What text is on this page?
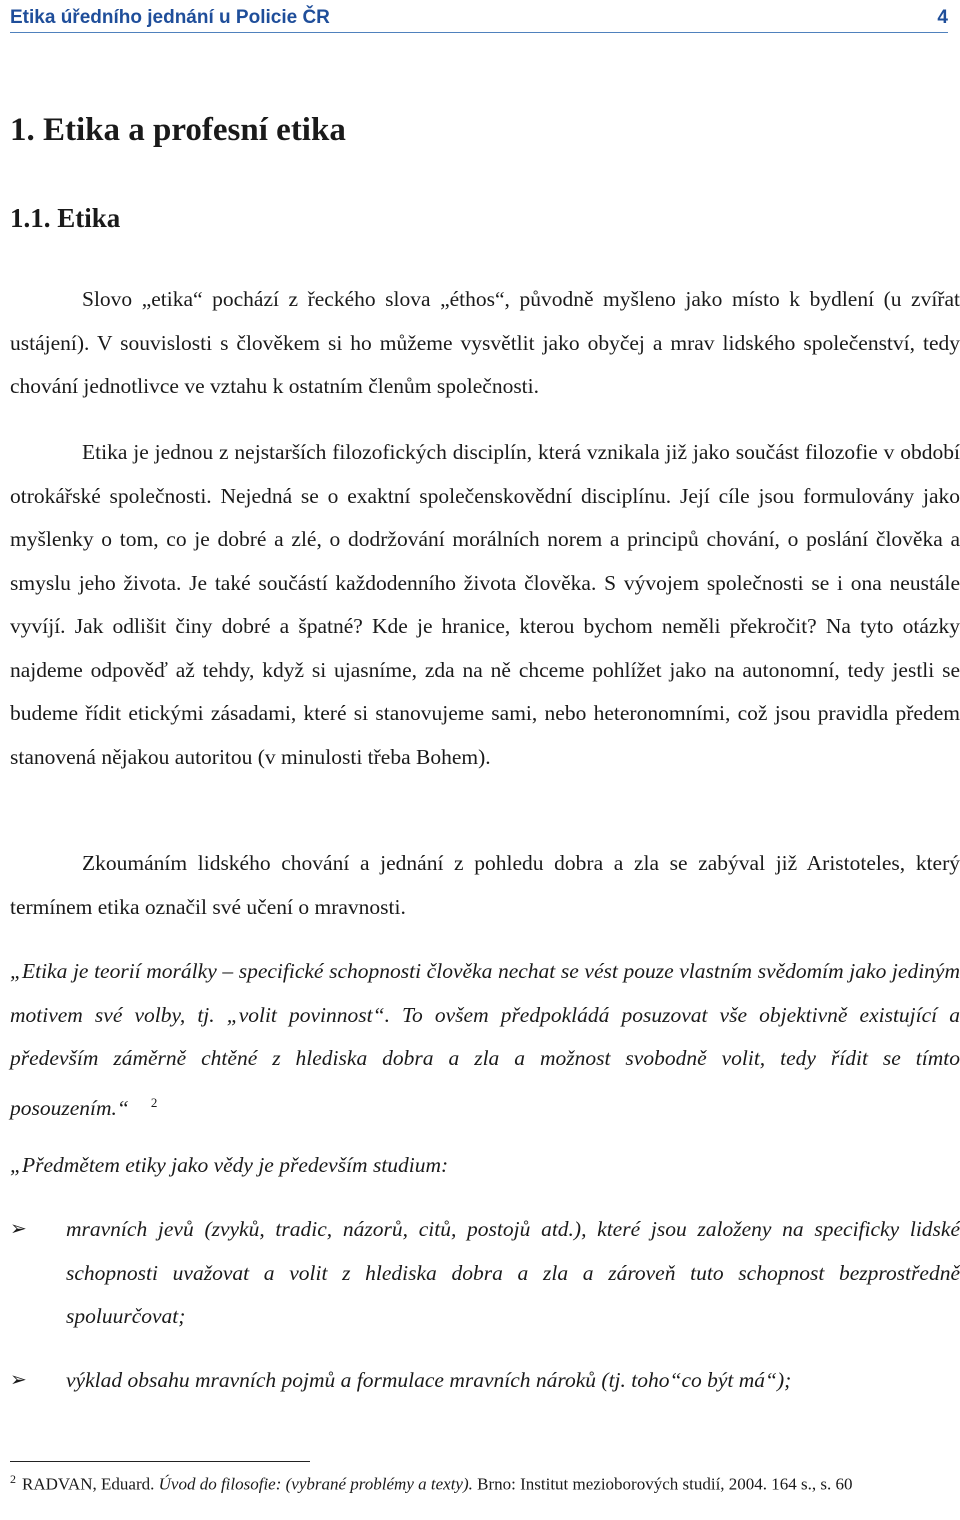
Etika úředního jednání u Policie ČR	4
1. Etika a profesní etika
1.1. Etika

Slovo „etika“ pochází z řeckého slova „éthos“, původně myšleno jako místo k bydlení (u zvířat ustájení). V souvislosti s člověkem si ho můžeme vysvětlit jako obyčej a mrav lidského společenství, tedy chování jednotlivce ve vztahu k ostatním členům společnosti.

Etika je jednou z nejstarších filozofických disciplín, která vznikala již jako součást filozofie v období otrokářské společnosti. Nejedná se o exaktní společenskovědní disciplínu. Její cíle jsou formulovány jako myšlenky o tom, co je dobré a zlé, o dodržování morálních norem a principů chování, o poslání člověka a smyslu jeho života. Je také součástí každodenního života člověka. S vývojem společnosti se i ona neustále vyvíjí. Jak odlišit činy dobré a špatné? Kde je hranice, kterou bychom neměli překročit? Na tyto otázky najdeme odpověď až tehdy, když si ujasníme, zda na ně chceme pohlížet jako na autonomní, tedy jestli se budeme řídit etickými zásadami, které si stanovujeme sami, nebo heteronomními, což jsou pravidla předem stanovená nějakou autoritou (v minulosti třeba Bohem).

Zkoumáním lidského chování a jednání z pohledu dobra a zla se zabýval již Aristoteles, který termínem etika označil své učení o mravnosti.

„Etika je teorií morálky – specifické schopnosti člověka nechat se vést pouze vlastním svědomím jako jediným motivem své volby, tj. „volit povinnost“. To ovšem předpokládá posuzovat vše objektivně existující a především záměrně chtěné z hlediska dobra a zla a možnost svobodně volit, tedy řídit se tímto posouzením.“ $^2$

„Předmětem etiky jako vědy je především studium:

➢ mravních jevů (zvyků, tradic, názorů, citů, postojů atd.), které jsou založeny na specificky lidské schopnosti uvažovat a volit z hlediska dobra a zla a zároveň tuto schopnost bezprostředně spoluurčovat;
➢ výklad obsahu mravních pojmů a formulace mravních nároků (tj. toho“co být má“);

$^2$ RADVAN, Eduard. Úvod do filosofie: (vybrané problémy a texty). Brno: Institut mezioborových studií, 2004. 164 s., s. 60
